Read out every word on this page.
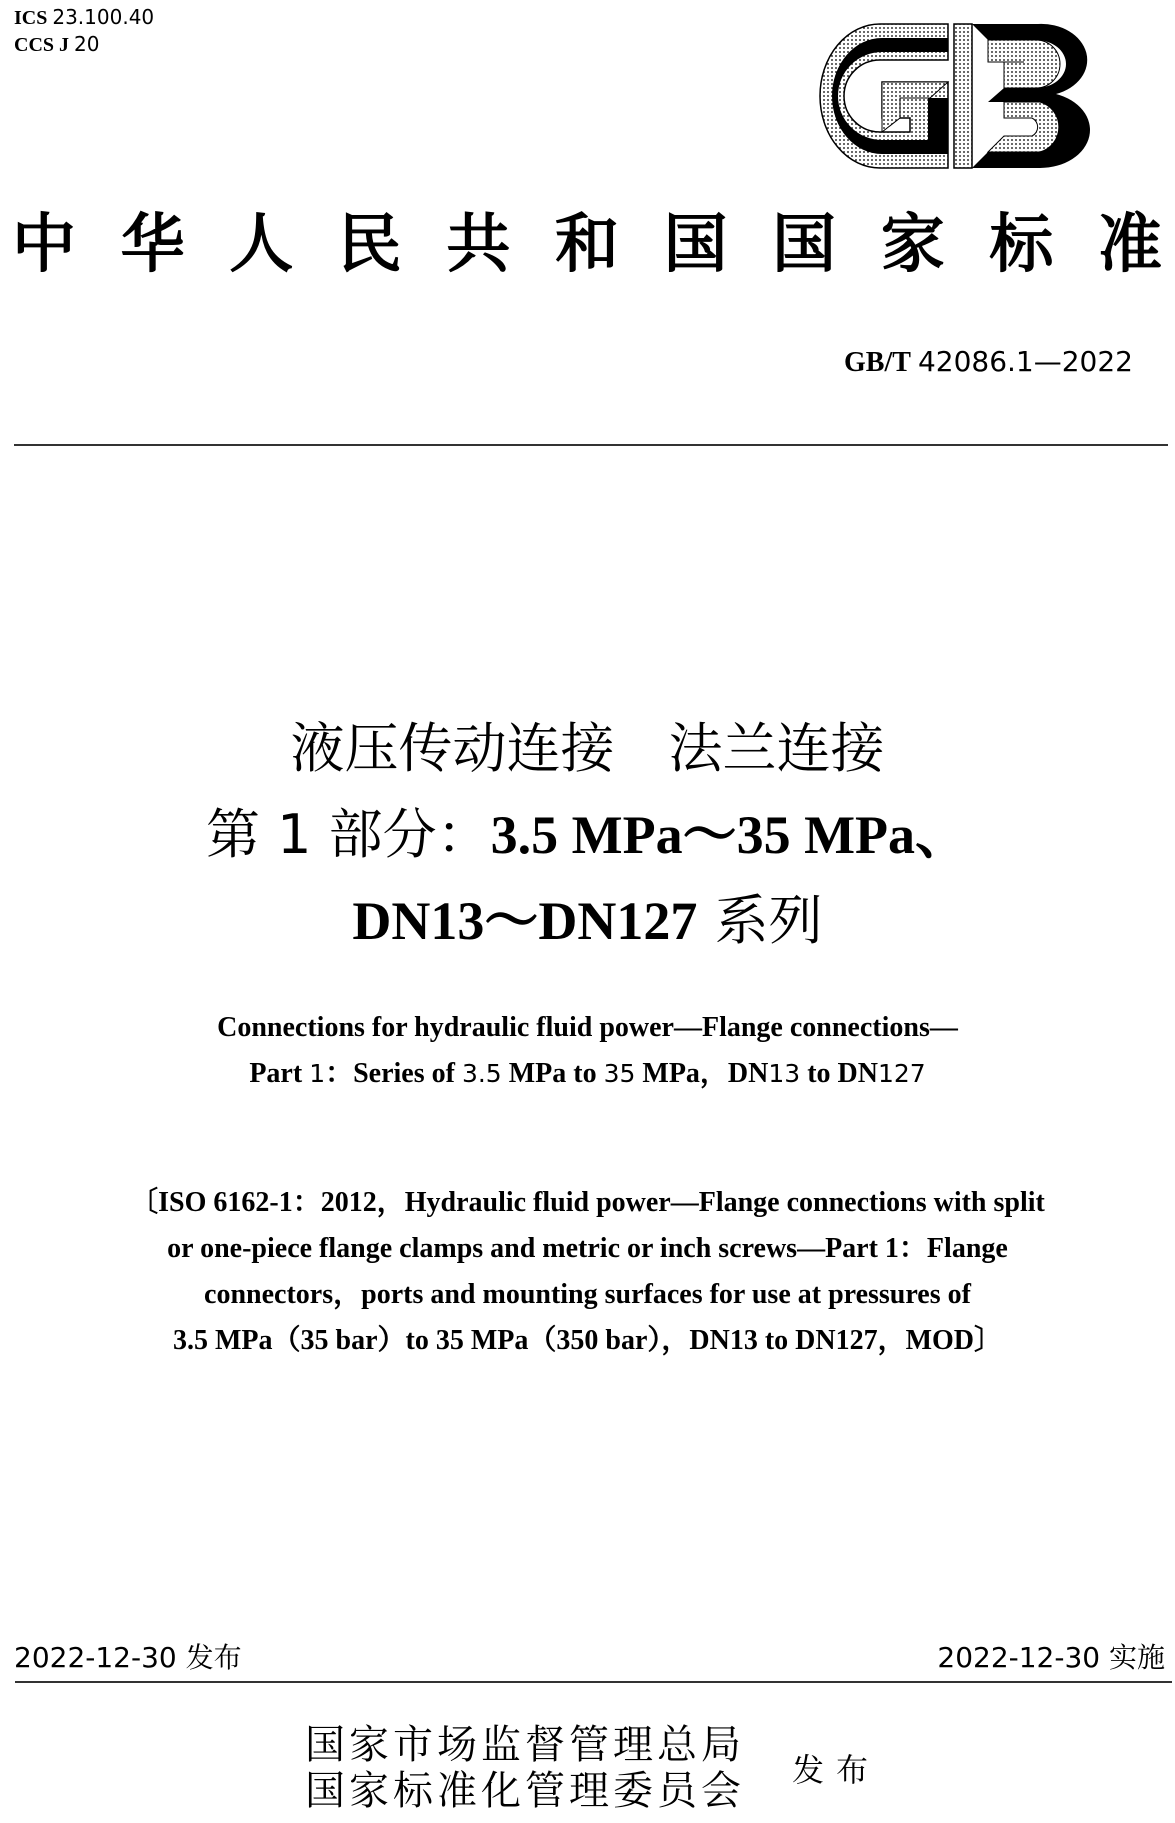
ICS 23.100.40
CCS J 20
中 华 人 民 共 和 国 国 家 标 准
GB/T 42086.1—2022
液压传动连接　法兰连接
第 1 部分：3.5 MPa～35 MPa、
DN13～DN127 系列
Connections for hydraulic fluid power—Flange connections—
Part 1：Series of 3.5 MPa to 35 MPa，DN13 to DN127
〔ISO 6162-1：2012，Hydraulic fluid power—Flange connections with split
or one-piece flange clamps and metric or inch screws—Part 1：Flange
connectors，ports and mounting surfaces for use at pressures of
3.5 MPa（35 bar）to 35 MPa（350 bar），DN13 to DN127，MOD〕
2022-12-30 发布	2022-12-30 实施
国家市场监督管理总局
国家标准化管理委员会 发布
